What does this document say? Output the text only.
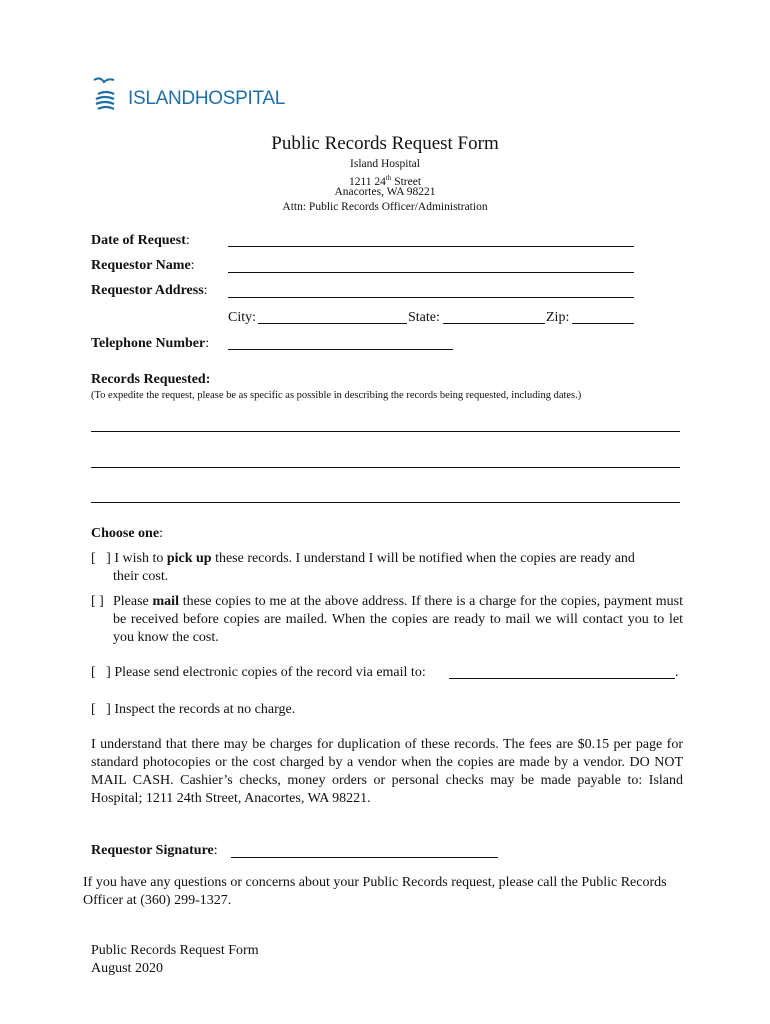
ISLANDHOSPITAL
Public Records Request Form
Island Hospital
1211 24th Street
Anacortes, WA 98221
Attn: Public Records Officer/Administration
Date of Request:
Requestor Name:
Requestor Address:
City:	State:	Zip:
Telephone Number:
Records Requested:
(To expedite the request, please be as specific as possible in describing the records being requested, including dates.)
Choose one:
[   ] I wish to pick up these records. I understand I will be notified when the copies are ready and
their cost.
[ ] Please mail these copies to me at the above address. If there is a charge for the copies, payment must be received before copies are mailed. When the copies are ready to mail we will contact you to let you know the cost.
[   ] Please send electronic copies of the record via email to:	.
[   ] Inspect the records at no charge.
I understand that there may be charges for duplication of these records. The fees are $0.15 per page for standard photocopies or the cost charged by a vendor when the copies are made by a vendor. DO NOT MAIL CASH. Cashier’s checks, money orders or personal checks may be made payable to: Island Hospital; 1211 24th Street, Anacortes, WA 98221.
Requestor Signature:
If you have any questions or concerns about your Public Records request, please call the Public Records Officer at (360) 299-1327.
Public Records Request Form
August 2020
